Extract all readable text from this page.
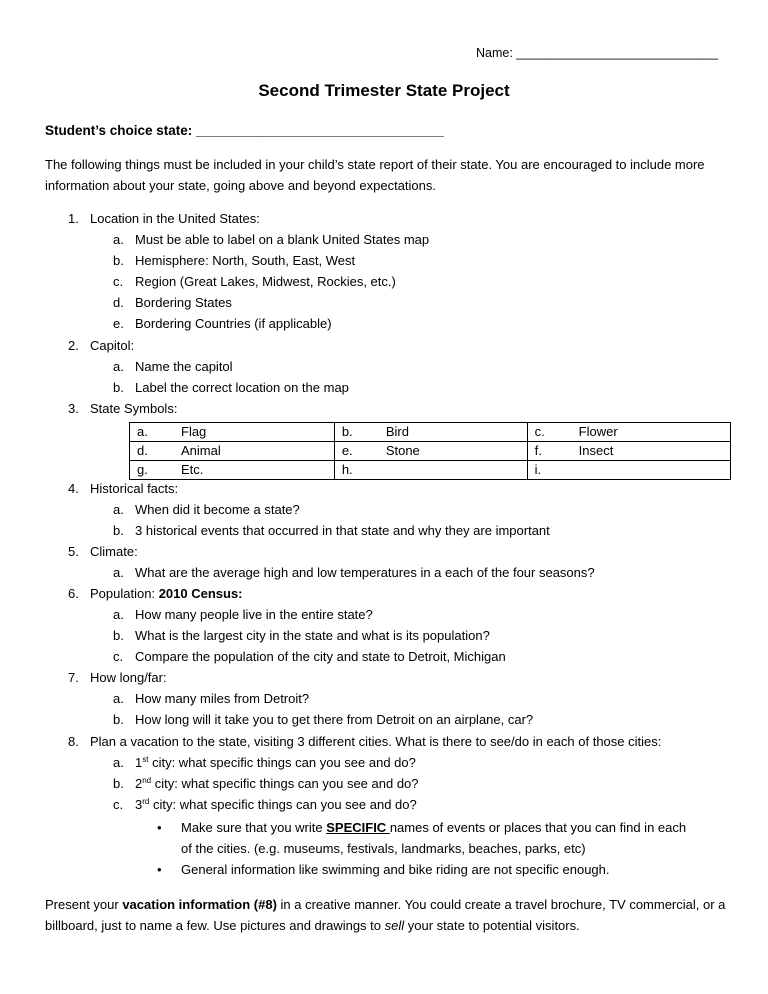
Name: _____________________________
Second Trimester State Project
Student’s choice state: _________________________________
The following things must be included in your child’s state report of their state. You are encouraged to include more information about your state, going above and beyond expectations.
1. Location in the United States:
a. Must be able to label on a blank United States map
b. Hemisphere: North, South, East, West
c. Region (Great Lakes, Midwest, Rockies, etc.)
d. Bordering States
e. Bordering Countries (if applicable)
2. Capitol:
a. Name the capitol
b. Label the correct location on the map
3. State Symbols:
a. Flag	b. Bird	c. Flower
d. Animal	e. Stone	f. Insect
g. Etc.	h.	i.
4. Historical facts:
a. When did it become a state?
b. 3 historical events that occurred in that state and why they are important
5. Climate:
a. What are the average high and low temperatures in a each of the four seasons?
6. Population: 2010 Census:
a. How many people live in the entire state?
b. What is the largest city in the state and what is its population?
c. Compare the population of the city and state to Detroit, Michigan
7. How long/far:
a. How many miles from Detroit?
b. How long will it take you to get there from Detroit on an airplane, car?
8. Plan a vacation to the state, visiting 3 different cities. What is there to see/do in each of those cities:
a. 1st city: what specific things can you see and do?
b. 2nd city: what specific things can you see and do?
c. 3rd city: what specific things can you see and do?
• Make sure that you write SPECIFIC names of events or places that you can find in each
of the cities. (e.g. museums, festivals, landmarks, beaches, parks, etc)
• General information like swimming and bike riding are not specific enough.
Present your vacation information (#8) in a creative manner. You could create a travel brochure, TV commercial, or a billboard, just to name a few. Use pictures and drawings to sell your state to potential visitors.
